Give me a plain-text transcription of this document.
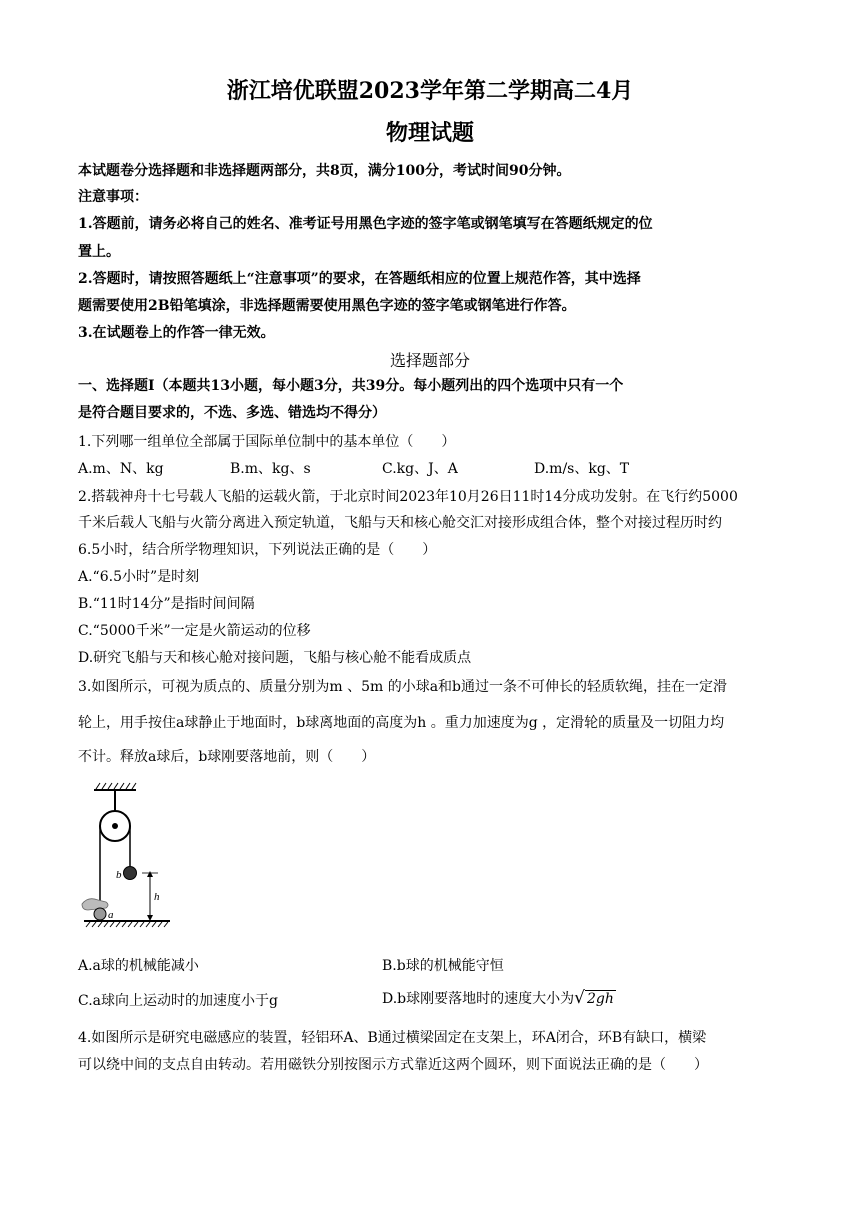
浙江培优联盟2023学年第二学期高二4月
物理试题
本试题卷分选择题和非选择题两部分，共8页，满分100分，考试时间90分钟。
注意事项：
1.答题前，请务必将自己的姓名、准考证号用黑色字迹的签字笔或钢笔填写在答题纸规定的位
置上。
2.答题时，请按照答题纸上“注意事项”的要求，在答题纸相应的位置上规范作答，其中选择
题需要使用2B铅笔填涂，非选择题需要使用黑色字迹的签字笔或钢笔进行作答。
3.在试题卷上的作答一律无效。
选择题部分
一、选择题Ⅰ（本题共13小题，每小题3分，共39分。每小题列出的四个选项中只有一个
是符合题目要求的，不选、多选、错选均不得分）
1.下列哪一组单位全部属于国际单位制中的基本单位（　　）
A.m、N、kg	B.m、kg、s	C.kg、J、A	D.m/s、kg、T
2.搭载神舟十七号载人飞船的运载火箭，于北京时间2023年10月26日11时14分成功发射。在飞行约5000
千米后载人飞船与火箭分离进入预定轨道，飞船与天和核心舱交汇对接形成组合体，整个对接过程历时约
6.5小时，结合所学物理知识，下列说法正确的是（　　）
A.“6.5小时”是时刻
B.“11时14分”是指时间间隔
C.“5000千米”一定是火箭运动的位移
D.研究飞船与天和核心舱对接问题，飞船与核心舱不能看成质点
3.如图所示，可视为质点的、质量分别为m 、5m 的小球a和b通过一条不可伸长的轻质软绳，挂在一定滑
轮上，用手按住a球静止于地面时，b球离地面的高度为h 。重力加速度为g ，定滑轮的质量及一切阻力均
不计。释放a球后，b球刚要落地前，则（　　）
b
h
a
A.a球的机械能减小	B.b球的机械能守恒
C.a球向上运动时的加速度小于g	D.b球刚要落地时的速度大小为√ 2gh
4.如图所示是研究电磁感应的装置，轻铝环A、B通过横梁固定在支架上，环A闭合，环B有缺口，横梁
可以绕中间的支点自由转动。若用磁铁分别按图示方式靠近这两个圆环，则下面说法正确的是（　　）
